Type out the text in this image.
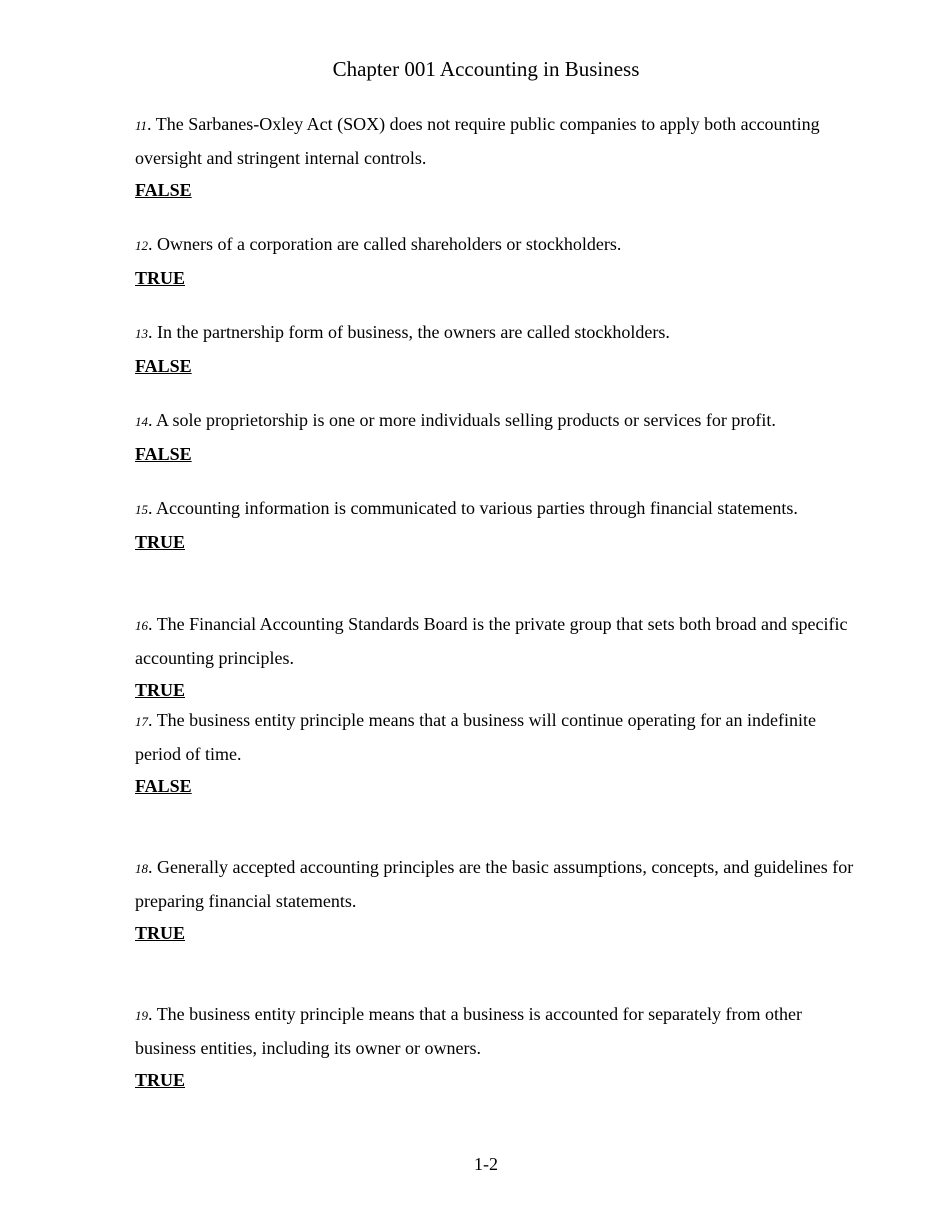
Chapter 001 Accounting in Business

11. The Sarbanes-Oxley Act (SOX) does not require public companies to apply both accounting oversight and stringent internal controls.

FALSE

12. Owners of a corporation are called shareholders or stockholders.

TRUE

13. In the partnership form of business, the owners are called stockholders.

FALSE

14. A sole proprietorship is one or more individuals selling products or services for profit.

FALSE

15. Accounting information is communicated to various parties through financial statements.

TRUE

16. The Financial Accounting Standards Board is the private group that sets both broad and specific accounting principles.

TRUE

17. The business entity principle means that a business will continue operating for an indefinite period of time.

FALSE

18. Generally accepted accounting principles are the basic assumptions, concepts, and guidelines for preparing financial statements.

TRUE

19. The business entity principle means that a business is accounted for separately from other business entities, including its owner or owners.

TRUE

1-2
